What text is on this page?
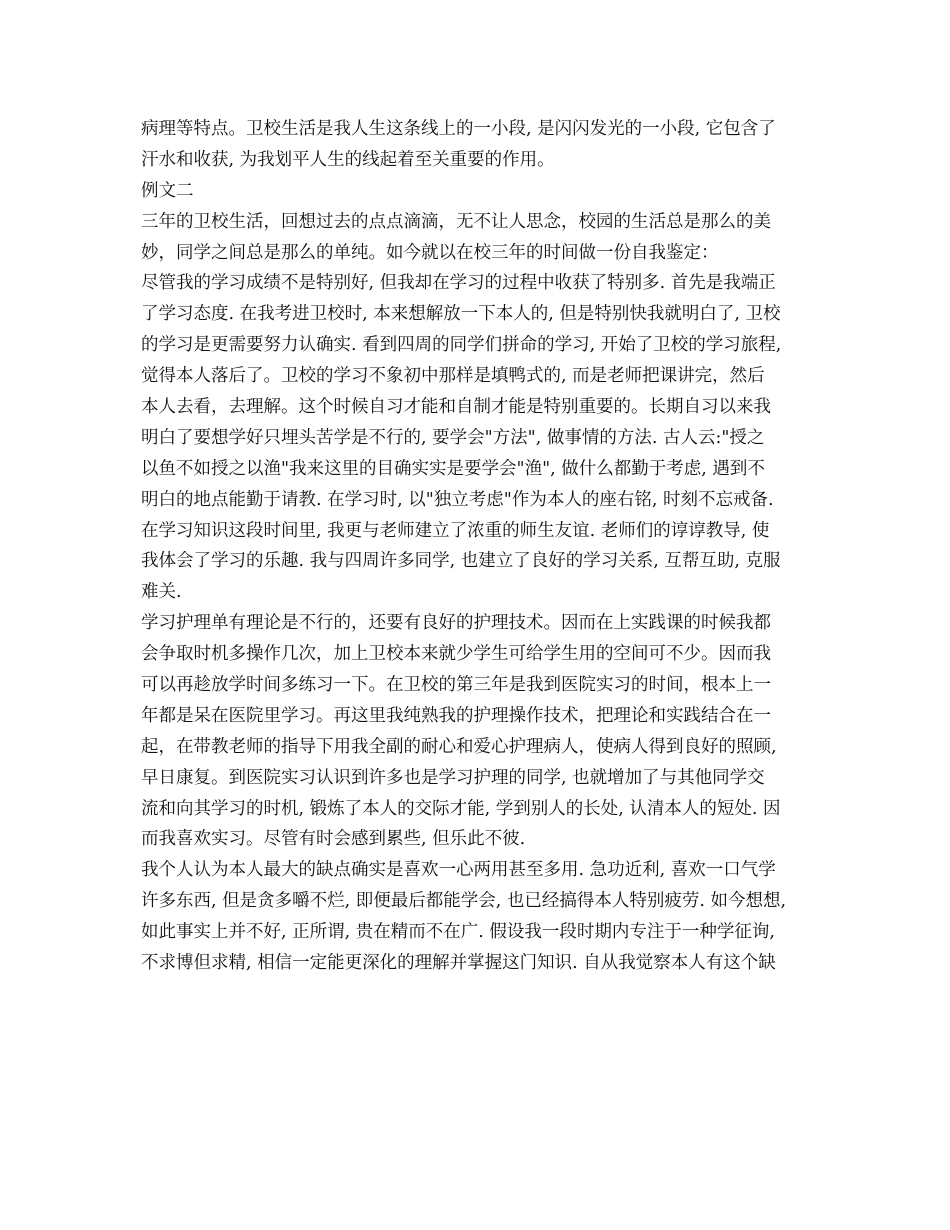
病理等特点。卫校生活是我人生这条线上的一小段, 是闪闪发光的一小段, 它包含了
汗水和收获, 为我划平人生的线起着至关重要的作用。
例文二
三年的卫校生活，回想过去的点点滴滴，无不让人思念，校园的生活总是那么的美
妙，同学之间总是那么的单纯。如今就以在校三年的时间做一份自我鉴定：
尽管我的学习成绩不是特别好, 但我却在学习的过程中收获了特别多. 首先是我端正
了学习态度. 在我考进卫校时, 本来想解放一下本人的, 但是特别快我就明白了, 卫校
的学习是更需要努力认确实. 看到四周的同学们拼命的学习, 开始了卫校的学习旅程,
觉得本人落后了。卫校的学习不象初中那样是填鸭式的, 而是老师把课讲完，然后
本人去看，去理解。这个时候自习才能和自制才能是特别重要的。长期自习以来我
明白了要想学好只埋头苦学是不行的, 要学会"方法", 做事情的方法. 古人云:"授之
以鱼不如授之以渔"我来这里的目确实实是要学会"渔", 做什么都勤于考虑, 遇到不
明白的地点能勤于请教. 在学习时, 以"独立考虑"作为本人的座右铭, 时刻不忘戒备.
在学习知识这段时间里, 我更与老师建立了浓重的师生友谊. 老师们的谆谆教导, 使
我体会了学习的乐趣. 我与四周许多同学, 也建立了良好的学习关系, 互帮互助, 克服
难关.
学习护理单有理论是不行的，还要有良好的护理技术。因而在上实践课的时候我都
会争取时机多操作几次，加上卫校本来就少学生可给学生用的空间可不少。因而我
可以再趁放学时间多练习一下。在卫校的第三年是我到医院实习的时间，根本上一
年都是呆在医院里学习。再这里我纯熟我的护理操作技术，把理论和实践结合在一
起，在带教老师的指导下用我全副的耐心和爱心护理病人，使病人得到良好的照顾,
早日康复。到医院实习认识到许多也是学习护理的同学, 也就增加了与其他同学交
流和向其学习的时机, 锻炼了本人的交际才能, 学到别人的长处, 认清本人的短处. 因
而我喜欢实习。尽管有时会感到累些, 但乐此不彼.
我个人认为本人最大的缺点确实是喜欢一心两用甚至多用. 急功近利, 喜欢一口气学
许多东西, 但是贪多嚼不烂, 即便最后都能学会, 也已经搞得本人特别疲劳. 如今想想,
如此事实上并不好, 正所谓, 贵在精而不在广. 假设我一段时期内专注于一种学征询,
不求博但求精, 相信一定能更深化的理解并掌握这门知识. 自从我觉察本人有这个缺
